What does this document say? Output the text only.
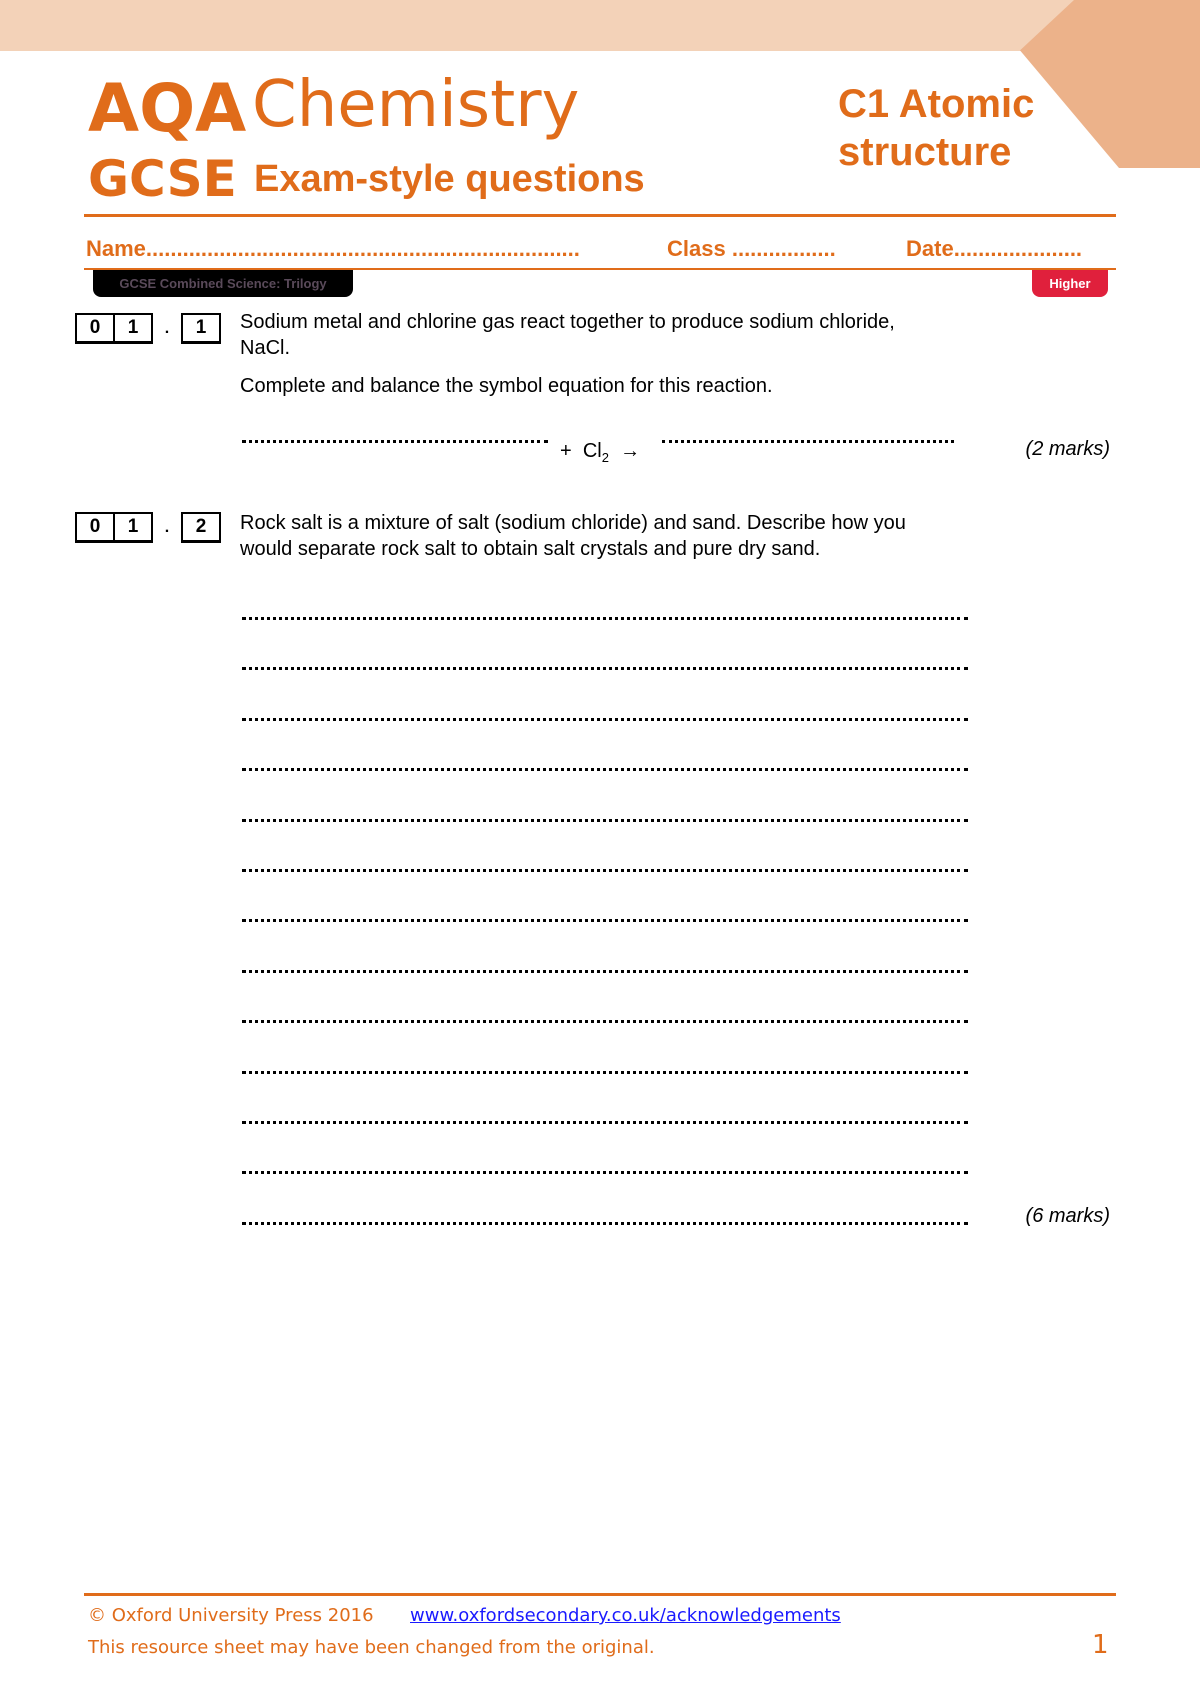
AQA Chemistry
GCSE Exam-style questions
C1 Atomic
structure
Name.......................................................................	Class .................	Date.....................
GCSE Combined Science: Trilogy	Higher
0	1	.	1	Sodium metal and chlorine gas react together to produce sodium chloride, NaCl.
Complete and balance the symbol equation for this reaction.
+ $Cl_2$ →	(2 marks)
0	1	.	2	Rock salt is a mixture of salt (sodium chloride) and sand. Describe how you would separate rock salt to obtain salt crystals and pure dry sand.
(6 marks)
© Oxford University Press 2016 www.oxfordsecondary.co.uk/acknowledgements
This resource sheet may have been changed from the original.	1
